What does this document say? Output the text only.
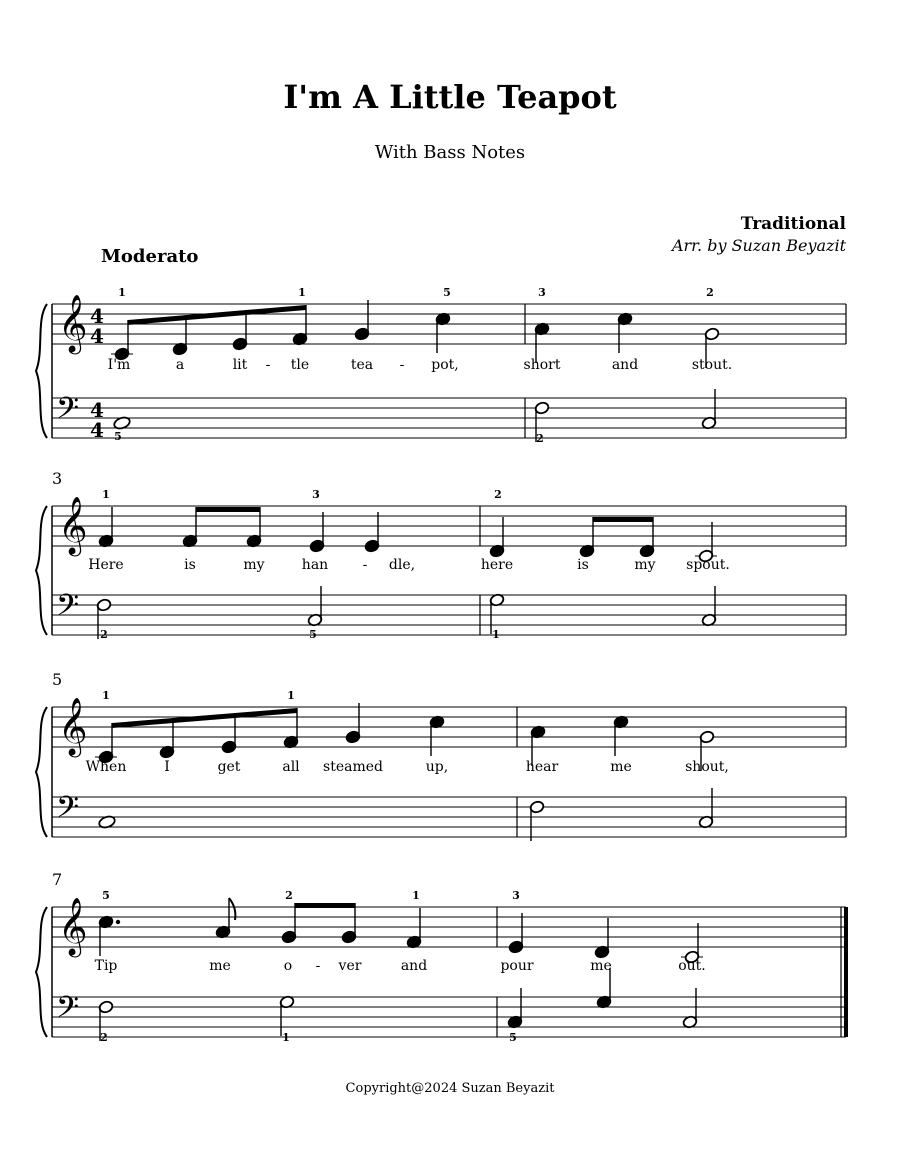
I'm A Little Teapot
With Bass Notes
Traditional
Arr. by Suzan Beyazit
Moderato
Copyright@2024 Suzan Beyazit
𝄞
𝄢
4
4
4
4
𝄞
𝄢
3
𝄞
𝄢
5
𝄞
𝄢
7
1	1	5	3	2
I'm	a	lit	tle	tea - pot,	short	and	stout.
-
5	2
1	3	2
Here	is	my	han - dle,	here	is	my spout.
2	5	1
1	1
When	I	get	all steamed	up,	hear	me	shout,
5	2	1	3
Tip	me	o - ver	and	pour	me	out.
2	1	5
